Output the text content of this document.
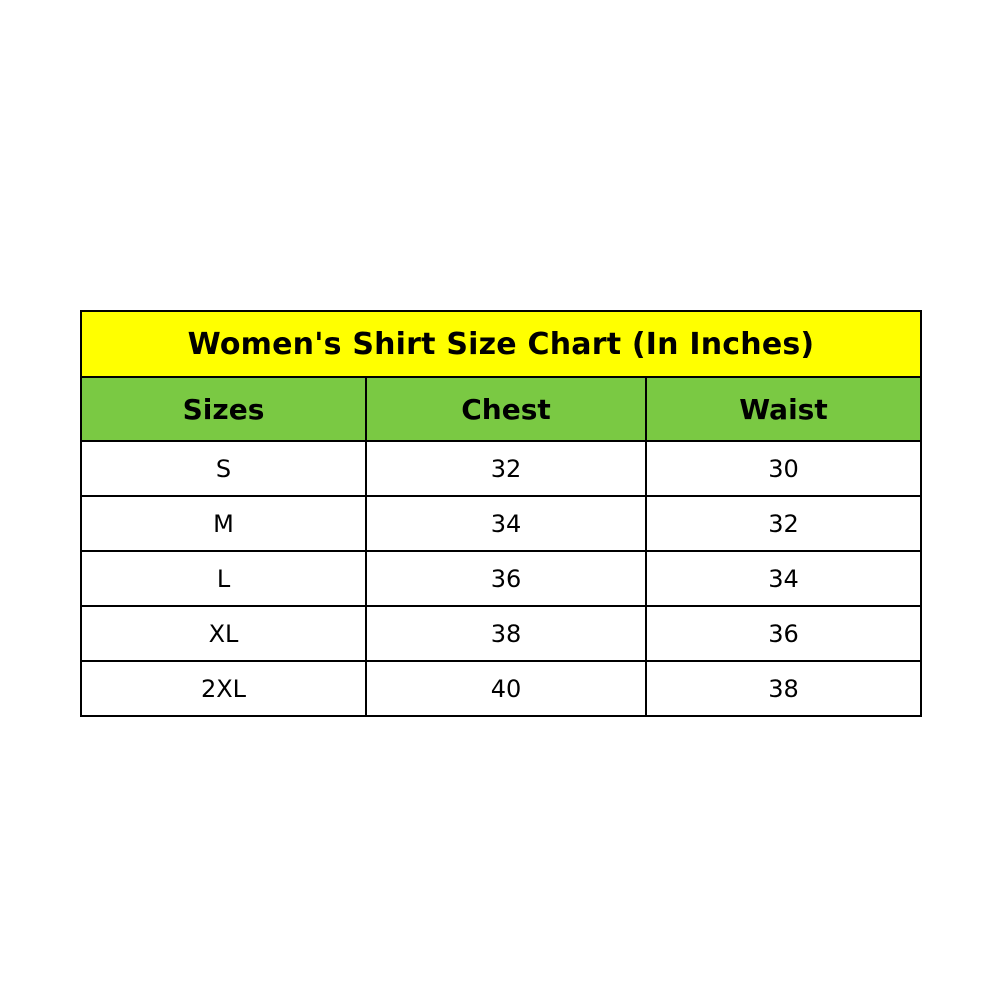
Women's Shirt Size Chart (In Inches)		
Sizes	Chest	Waist
S	32	30
M	34	32
L	36	34
XL	38	36
2XL	40	38
